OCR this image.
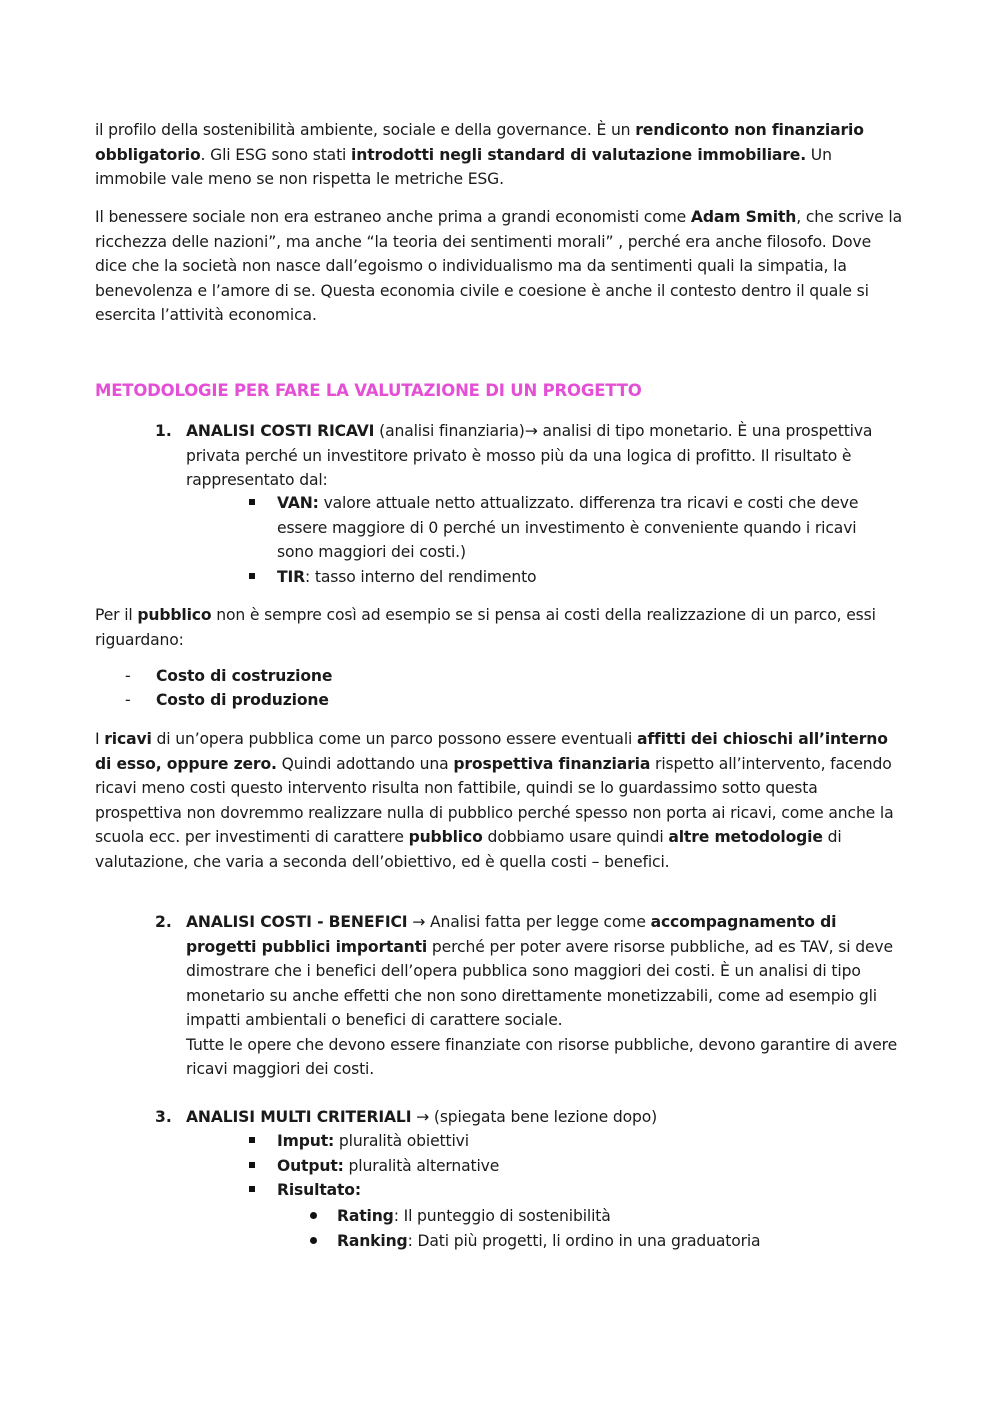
il profilo della sostenibilità ambiente, sociale e della governance. È un rendiconto non finanziario obbligatorio. Gli ESG sono stati introdotti negli standard di valutazione immobiliare. Un immobile vale meno se non rispetta le metriche ESG.
Il benessere sociale non era estraneo anche prima a grandi economisti come Adam Smith, che scrive la ricchezza delle nazioni”, ma anche “la teoria dei sentimenti morali” , perché era anche filosofo. Dove dice che la società non nasce dall’egoismo o individualismo ma da sentimenti quali la simpatia, la benevolenza e l’amore di se. Questa economia civile e coesione è anche il contesto dentro il quale si esercita l’attività economica.
METODOLOGIE PER FARE LA VALUTAZIONE DI UN PROGETTO
1. ANALISI COSTI RICAVI (analisi finanziaria)→ analisi di tipo monetario. È una prospettiva privata perché un investitore privato è mosso più da una logica di profitto. Il risultato è rappresentato dal:
VAN: valore attuale netto attualizzato. differenza tra ricavi e costi che deve essere maggiore di 0 perché un investimento è conveniente quando i ricavi sono maggiori dei costi.)
TIR: tasso interno del rendimento
Per il pubblico non è sempre così ad esempio se si pensa ai costi della realizzazione di un parco, essi riguardano:
- Costo di costruzione
- Costo di produzione
I ricavi di un’opera pubblica come un parco possono essere eventuali affitti dei chioschi all’interno di esso, oppure zero. Quindi adottando una prospettiva finanziaria rispetto all’intervento, facendo ricavi meno costi questo intervento risulta non fattibile, quindi se lo guardassimo sotto questa prospettiva non dovremmo realizzare nulla di pubblico perché spesso non porta ai ricavi, come anche la scuola ecc. per investimenti di carattere pubblico dobbiamo usare quindi altre metodologie di valutazione, che varia a seconda dell’obiettivo, ed è quella costi – benefici.
2. ANALISI COSTI - BENEFICI → Analisi fatta per legge come accompagnamento di progetti pubblici importanti perché per poter avere risorse pubbliche, ad es TAV, si deve dimostrare che i benefici dell’opera pubblica sono maggiori dei costi. È un analisi di tipo monetario su anche effetti che non sono direttamente monetizzabili, come ad esempio gli impatti ambientali o benefici di carattere sociale.
Tutte le opere che devono essere finanziate con risorse pubbliche, devono garantire di avere ricavi maggiori dei costi.
3. ANALISI MULTI CRITERIALI → (spiegata bene lezione dopo)
Imput: pluralità obiettivi
Output: pluralità alternative
Risultato:
Rating: Il punteggio di sostenibilità
Ranking: Dati più progetti, li ordino in una graduatoria
